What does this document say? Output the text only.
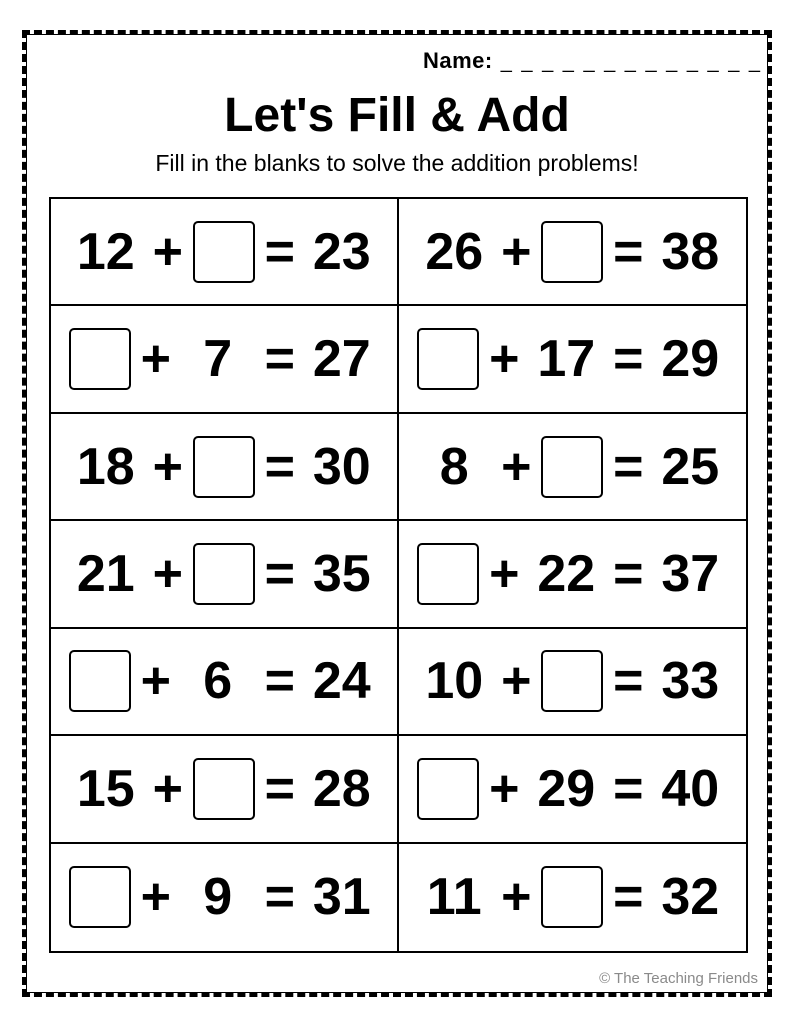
Name: _ _ _ _ _ _ _ _ _ _ _ _ _
Let's Fill & Add
Fill in the blanks to solve the addition problems!
12 + = 23 26 + = 38
+ 7 = 27 + 17 = 29
18 + = 30	8 + = 25
21 + = 35 + 22 = 37
+ 6 = 24 10 + = 33
15 + = 28 + 29 = 40
+ 9 = 31 11 + = 32
© The Teaching Friends
